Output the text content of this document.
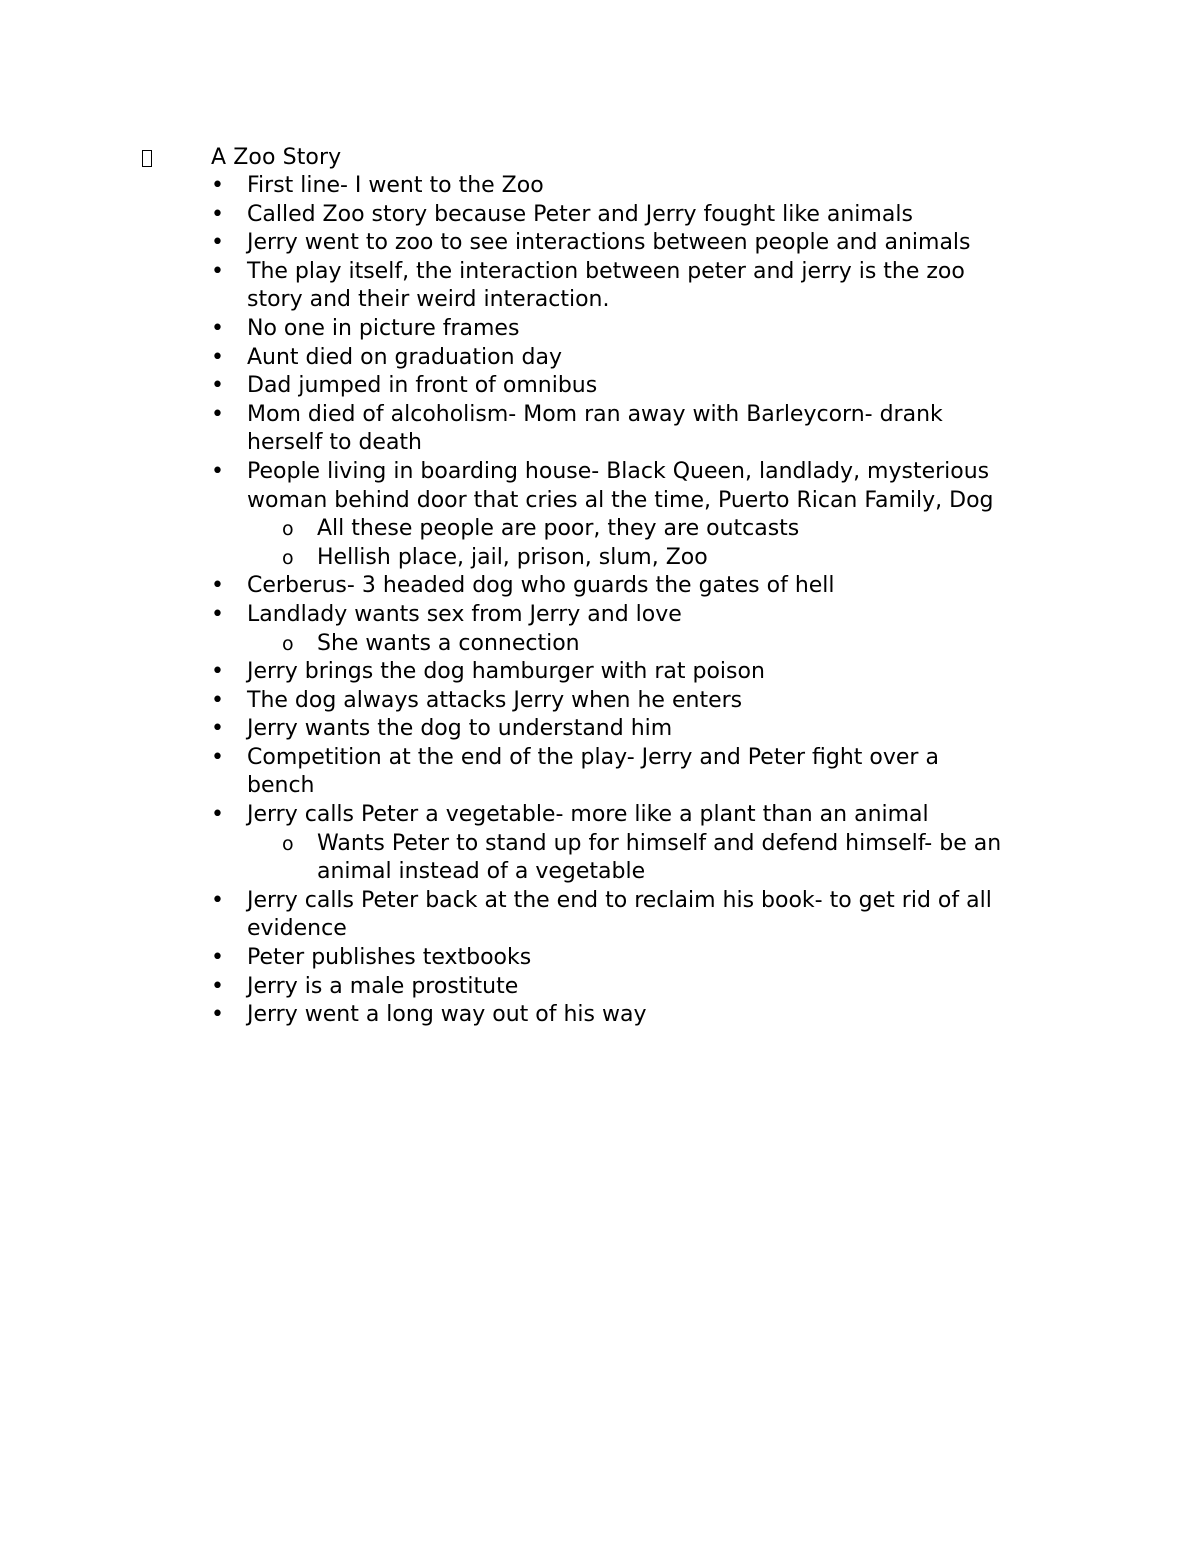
A Zoo Story
• First line- I went to the Zoo
• Called Zoo story because Peter and Jerry fought like animals
• Jerry went to zoo to see interactions between people and animals
• The play itself, the interaction between peter and jerry is the zoo
story and their weird interaction.
• No one in picture frames
• Aunt died on graduation day
• Dad jumped in front of omnibus
• Mom died of alcoholism- Mom ran away with Barleycorn- drank
herself to death
• People living in boarding house- Black Queen, landlady, mysterious
woman behind door that cries al the time, Puerto Rican Family, Dog
o All these people are poor, they are outcasts
o Hellish place, jail, prison, slum, Zoo
• Cerberus- 3 headed dog who guards the gates of hell
• Landlady wants sex from Jerry and love
o She wants a connection
• Jerry brings the dog hamburger with rat poison
• The dog always attacks Jerry when he enters
• Jerry wants the dog to understand him
• Competition at the end of the play- Jerry and Peter fight over a
bench
• Jerry calls Peter a vegetable- more like a plant than an animal
o Wants Peter to stand up for himself and defend himself- be an
animal instead of a vegetable
• Jerry calls Peter back at the end to reclaim his book- to get rid of all
evidence
• Peter publishes textbooks
• Jerry is a male prostitute
• Jerry went a long way out of his way
